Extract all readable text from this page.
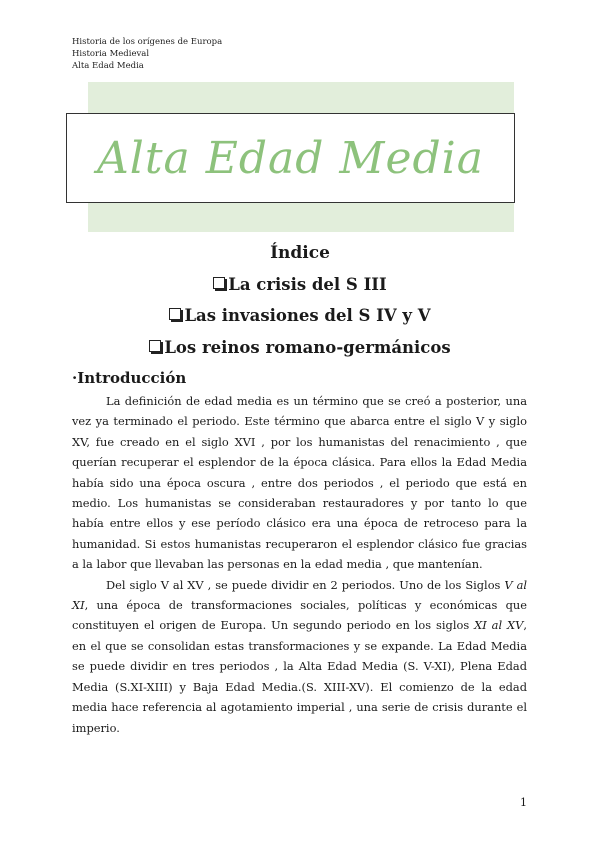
Historia de los orígenes de Europa
Historia Medieval
Alta Edad Media
Alta Edad Media
Índice
La crisis del S III
Las invasiones del S IV y V
Los reinos romano-germánicos
·Introducción

La definición de edad media es un término que se creó a posterior, una vez ya terminado el periodo. Este término que abarca entre el siglo V y siglo XV, fue creado en el siglo XVI , por los humanistas del renacimiento , que querían recuperar el esplendor de la época clásica. Para ellos la Edad Media había sido una época oscura , entre dos periodos , el periodo que está en medio. Los humanistas se consideraban restauradores y por tanto lo que había entre ellos y ese período clásico era una época de retroceso para la humanidad. Si estos humanistas recuperaron el esplendor clásico fue gracias a la labor que llevaban las personas en la edad media , que mantenían.

Del siglo V al XV , se puede dividir en 2 periodos. Uno de los Siglos V al XI, una época de transformaciones sociales, políticas y económicas que constituyen el origen de Europa. Un segundo periodo en los siglos XI al XV, en el que se consolidan estas transformaciones y se expande. La Edad Media se puede dividir en tres periodos , la Alta Edad Media (S. V-XI), Plena Edad Media (S.XI-XIII) y Baja Edad Media.(S. XIII-XV). El comienzo de la edad media hace referencia al agotamiento imperial , una serie de crisis durante el imperio.

1
